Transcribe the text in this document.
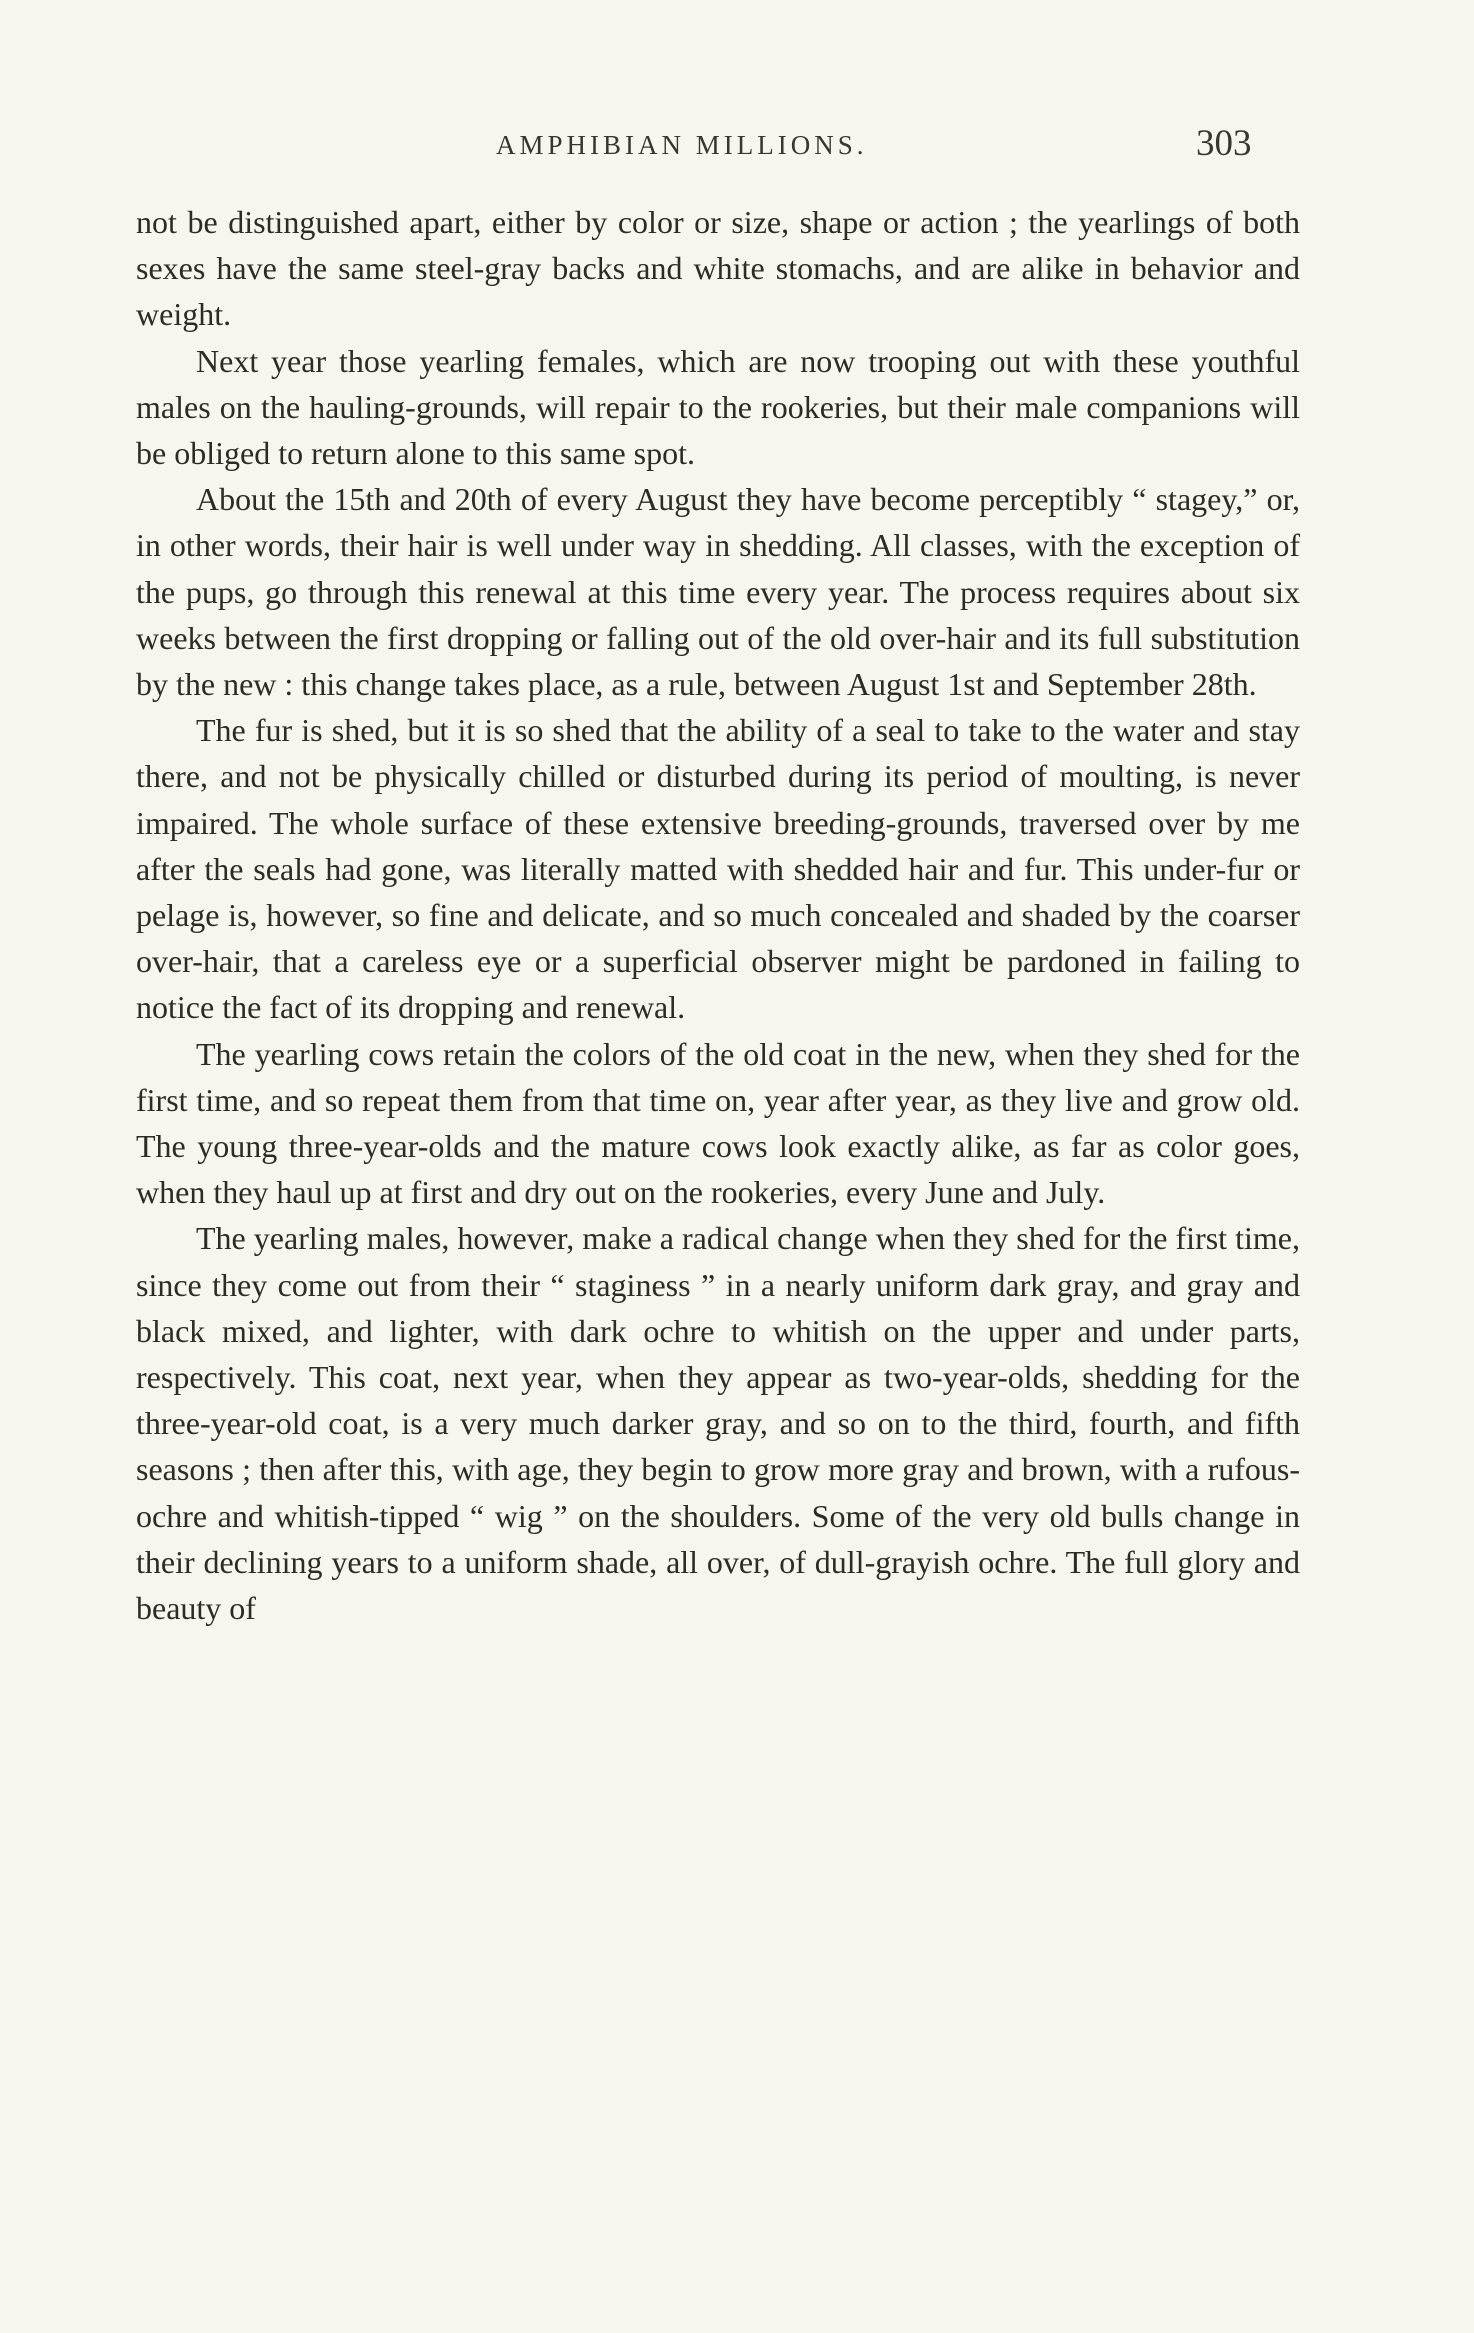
AMPHIBIAN MILLIONS.	303

not be distinguished apart, either by color or size, shape or action ; the yearlings of both sexes have the same steel-gray backs and white stomachs, and are alike in behavior and weight.

Next year those yearling females, which are now trooping out with these youthful males on the hauling-grounds, will repair to the rookeries, but their male companions will be obliged to return alone to this same spot.

About the 15th and 20th of every August they have become perceptibly “ stagey,” or, in other words, their hair is well under way in shedding. All classes, with the exception of the pups, go through this renewal at this time every year. The process requires about six weeks between the first dropping or falling out of the old over-hair and its full substitution by the new : this change takes place, as a rule, between August 1st and September 28th.

The fur is shed, but it is so shed that the ability of a seal to take to the water and stay there, and not be physically chilled or disturbed during its period of moulting, is never impaired. The whole surface of these extensive breeding-grounds, traversed over by me after the seals had gone, was literally matted with shedded hair and fur. This under-fur or pelage is, however, so fine and delicate, and so much concealed and shaded by the coarser over-hair, that a careless eye or a superficial observer might be pardoned in failing to notice the fact of its dropping and renewal.

The yearling cows retain the colors of the old coat in the new, when they shed for the first time, and so repeat them from that time on, year after year, as they live and grow old. The young three-year-olds and the mature cows look exactly alike, as far as color goes, when they haul up at first and dry out on the rookeries, every June and July.

The yearling males, however, make a radical change when they shed for the first time, since they come out from their “ staginess ” in a nearly uniform dark gray, and gray and black mixed, and lighter, with dark ochre to whitish on the upper and under parts, respectively. This coat, next year, when they appear as two-year-olds, shedding for the three-year-old coat, is a very much darker gray, and so on to the third, fourth, and fifth seasons ; then after this, with age, they begin to grow more gray and brown, with a rufous-ochre and whitish-tipped “ wig ” on the shoulders. Some of the very old bulls change in their declining years to a uniform shade, all over, of dull-grayish ochre. The full glory and beauty of
